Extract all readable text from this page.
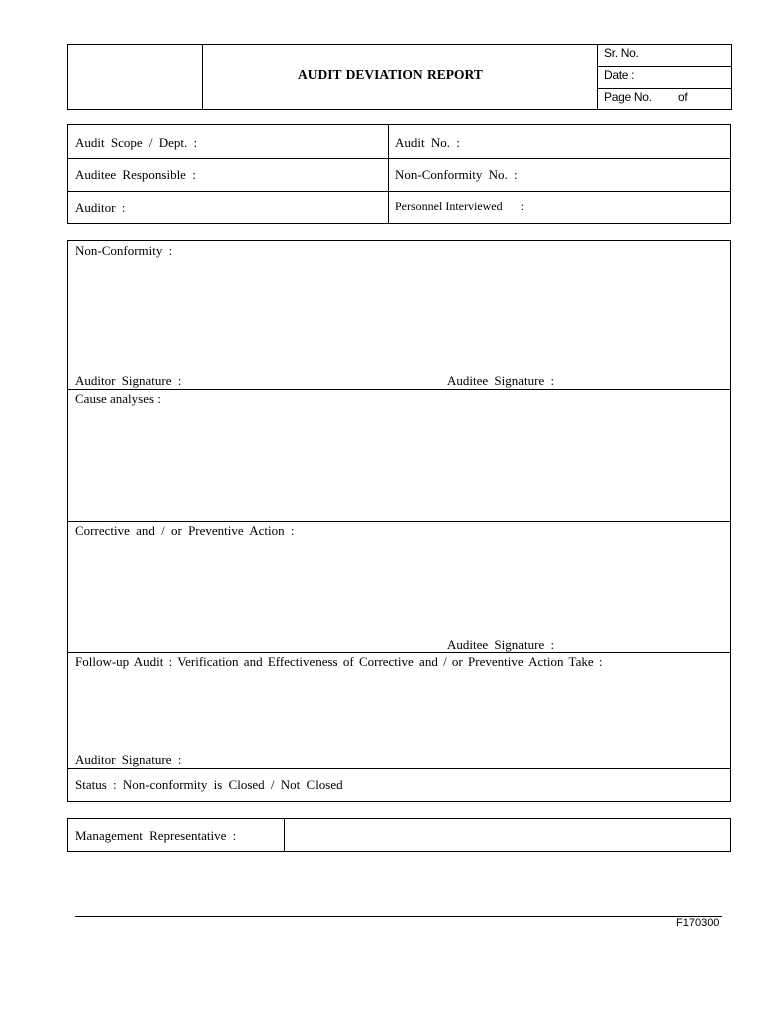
AUDIT DEVIATION REPORT
Sr. No.
Date :
Page No. of
Audit Scope / Dept. :	Audit No. :
Auditee Responsible :	Non-Conformity No. :
Auditor :	Personnel Interviewed      :
Non-Conformity :
Auditor Signature :	Auditee Signature :
Cause analyses :
Corrective and / or Preventive Action :
Auditee Signature :
Follow-up Audit : Verification and Effectiveness of Corrective and / or Preventive Action Take :
Auditor Signature :
Status : Non-conformity is Closed / Not Closed
Management Representative :
F170300
